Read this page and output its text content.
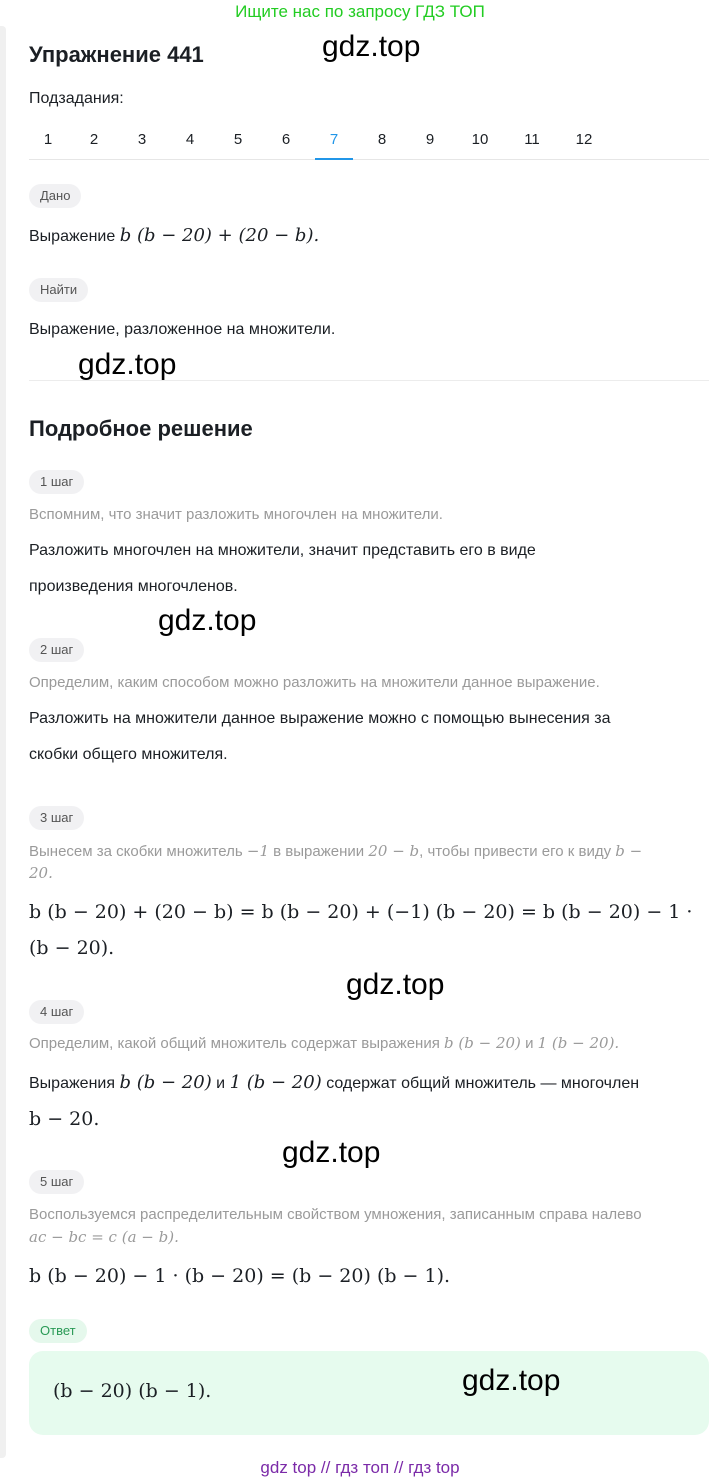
Ищите нас по запросу ГДЗ ТОП
Упражнение 441
Подзадания:
1	2	3	4	5	6	7	8	9	10	11	12
Дано
Выражение b (b − 20) + (20 − b).
Найти
Выражение, разложенное на множители.
Подробное решение
1 шаг
Вспомним, что значит разложить многочлен на множители.
Разложить многочлен на множители, значит представить его в виде
произведения многочленов.
2 шаг
Определим, каким способом можно разложить на множители данное выражение.
Разложить на множители данное выражение можно с помощью вынесения за
скобки общего множителя.
3 шаг
Вынесем за скобки множитель −1 в выражении 20 − b, чтобы привести его к виду b −
20.
b (b − 20) + (20 − b) = b (b − 20) + (−1) (b − 20) = b (b − 20) − 1 ·
(b − 20).
4 шаг
Определим, какой общий множитель содержат выражения b (b − 20) и 1 (b − 20).
Выражения b (b − 20) и 1 (b − 20) содержат общий множитель — многочлен
b − 20.
5 шаг
Воспользуемся распределительным свойством умножения, записанным справа налево
ac − bc = c (a − b).
b (b − 20) − 1 · (b − 20) = (b − 20) (b − 1).
Ответ
(b − 20) (b − 1).
gdz.top
gdz.top
gdz.top
gdz.top
gdz.top
gdz.top
gdz top // гдз топ // гдз top
